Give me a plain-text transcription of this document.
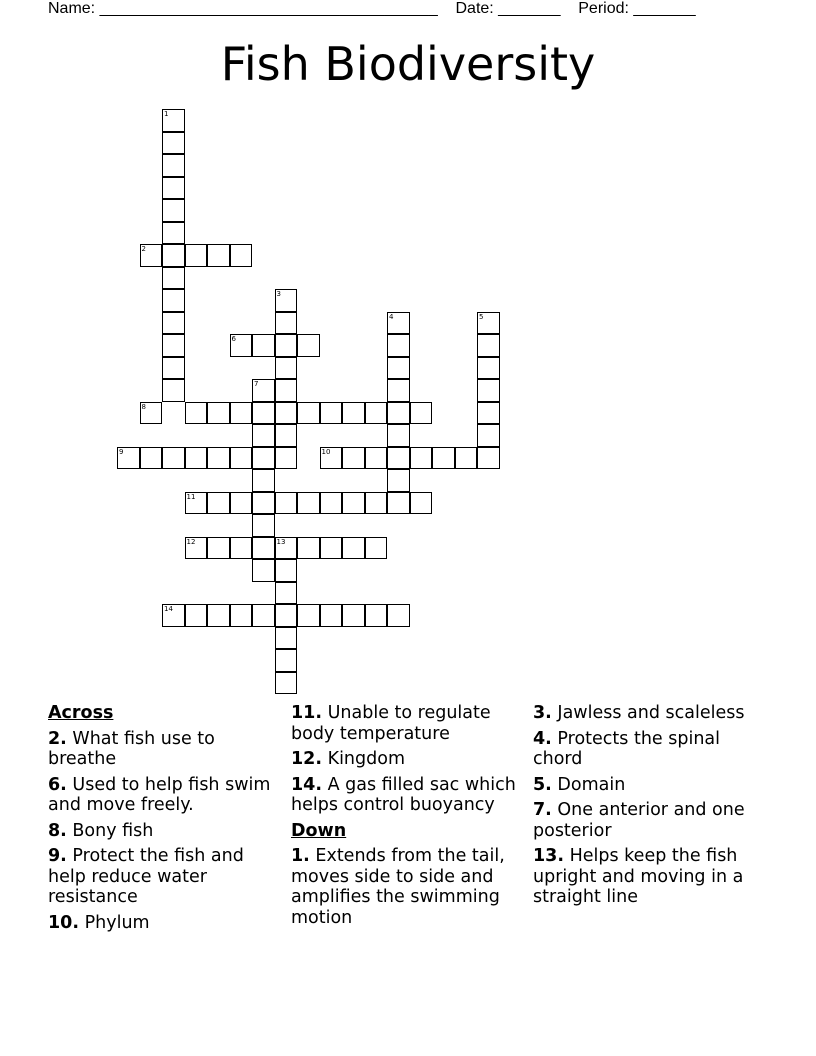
Name: ______________________________________    Date: _______    Period: _______
Fish Biodiversity
1
2
3
4	5
6
7
8
9	10
11
12	13
14
Across
2. What fish use to breathe
6. Used to help fish swim and move freely.
8. Bony fish
9. Protect the fish and help reduce water resistance
10. Phylum
11. Unable to regulate body temperature
12. Kingdom
14. A gas filled sac which helps control buoyancy
Down
1. Extends from the tail, moves side to side and amplifies the swimming motion
3. Jawless and scaleless
4. Protects the spinal chord
5. Domain
7. One anterior and one posterior
13. Helps keep the fish upright and moving in a straight line
